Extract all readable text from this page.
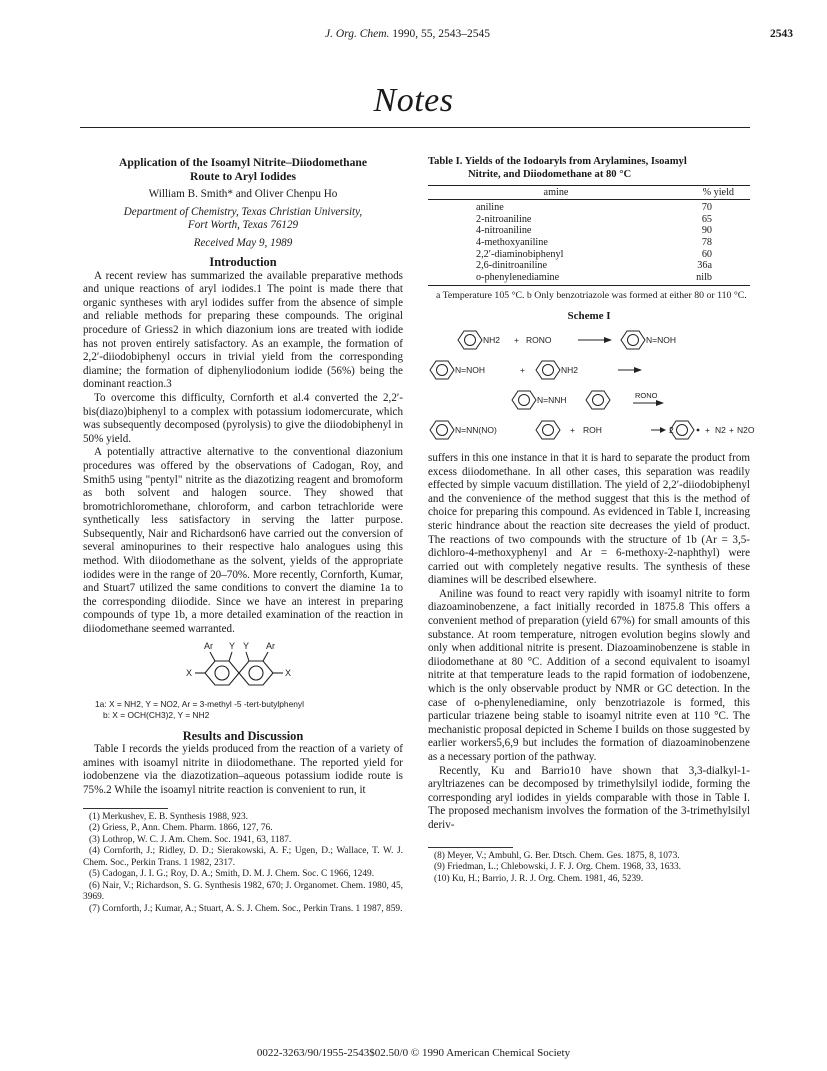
J. Org. Chem. 1990, 55, 2543–2545	2543
Notes
Application of the Isoamyl Nitrite–Diiodomethane
Route to Aryl Iodides
William B. Smith* and Oliver Chenpu Ho
Department of Chemistry, Texas Christian University,
Fort Worth, Texas 76129
Received May 9, 1989
Introduction

A recent review has summarized the available preparative methods and unique reactions of aryl iodides.1 The point is made there that organic syntheses with aryl iodides suffer from the absence of simple and reliable methods for preparing these compounds. The original procedure of Griess2 in which diazonium ions are treated with iodide has not proven entirely satisfactory. As an example, the formation of 2,2′-diiodobiphenyl occurs in trivial yield from the corresponding diamine; the formation of diphenyliodonium iodide (56%) being the dominant reaction.3

To overcome this difficulty, Cornforth et al.4 converted the 2,2′-bis(diazo)biphenyl to a complex with potassium iodomercurate, which was subsequently decomposed (pyrolysis) to give the diiodobiphenyl in 50% yield.

A potentially attractive alternative to the conventional diazonium procedures was offered by the observations of Cadogan, Roy, and Smith5 using "pentyl" nitrite as the diazotizing reagent and bromoform as both solvent and halogen source. They showed that bromotrichloromethane, chloroform, and carbon tetrachloride were synthetically less satisfactory in serving the latter purpose. Subsequently, Nair and Richardson6 have carried out the conversion of several aminopurines to their respective halo analogues using this method. With diiodomethane as the solvent, yields of the appropriate iodides were in the range of 20–70%. More recently, Cornforth, Kumar, and Stuart7 utilized the same conditions to convert the diamine 1a to the corresponding diiodide. Since we have an interest in preparing compounds of type 1b, a more detailed examination of the reaction in diiodomethane seemed warranted.

Ar Y Y Ar
X	X
1a: X = NH2, Y = NO2, Ar = 3-methyl -5 -tert-butylphenyl
b: X = OCH(CH3)2, Y = NH2
Results and Discussion

Table I records the yields produced from the reaction of a variety of amines with isoamyl nitrite in diiodomethane. The reported yield for iodobenzene via the diazotization–aqueous potassium iodide route is 75%.2 While the isoamyl nitrite reaction is convenient to run, it

(1) Merkushev, E. B. Synthesis 1988, 923.
(2) Griess, P., Ann. Chem. Pharm. 1866, 127, 76.
(3) Lothrop, W. C. J. Am. Chem. Soc. 1941, 63, 1187.
(4) Cornforth, J.; Ridley, D. D.; Sierakowski, A. F.; Ugen, D.; Wallace, T. W. J. Chem. Soc., Perkin Trans. 1 1982, 2317.
(5) Cadogan, J. I. G.; Roy, D. A.; Smith, D. M. J. Chem. Soc. C 1966, 1249.
(6) Nair, V.; Richardson, S. G. Synthesis 1982, 670; J. Organomet. Chem. 1980, 45, 3969.
(7) Cornforth, J.; Kumar, A.; Stuart, A. S. J. Chem. Soc., Perkin Trans. 1 1987, 859.
Table I. Yields of the Iodoaryls from Arylamines, Isoamyl
Nitrite, and Diiodomethane at 80 °C
amine	% yield
aniline	70
2-nitroaniline	65
4-nitroaniline	90
4-methoxyaniline	78
2,2′-diaminobiphenyl	60
2,6-dinitroaniline	36a
o-phenylenediamine	nilb
a Temperature 105 °C. b Only benzotriazole was formed at either 80 or 110 °C.
Scheme I
NH2 + RONO	N=NOH
N=NOH	+	NH2
N=NNH	RONO
N=NN(NO)	+ ROH	2	+ N2 + N2O

suffers in this one instance in that it is hard to separate the product from excess diiodomethane. In all other cases, this separation was readily effected by simple vacuum distillation. The yield of 2,2′-diiodobiphenyl and the convenience of the method suggest that this is the method of choice for preparing this compound. As evidenced in Table I, increasing steric hindrance about the reaction site decreases the yield of product. The reactions of two compounds with the structure of 1b (Ar = 3,5-dichloro-4-methoxyphenyl and Ar = 6-methoxy-2-naphthyl) were carried out with completely negative results. The synthesis of these diamines will be described elsewhere.

Aniline was found to react very rapidly with isoamyl nitrite to form diazoaminobenzene, a fact initially recorded in 1875.8 This offers a convenient method of preparation (yield 67%) for small amounts of this substance. At room temperature, nitrogen evolution begins slowly and only when additional nitrite is present. Diazoaminobenzene is stable in diiodomethane at 80 °C. Addition of a second equivalent to isoamyl nitrite at that temperature leads to the rapid formation of iodobenzene, which is the only observable product by NMR or GC detection. In the case of o-phenylenediamine, only benzotriazole is formed, this particular triazene being stable to isoamyl nitrite even at 110 °C. The mechanistic proposal depicted in Scheme I builds on those suggested by earlier workers5,6,9 but includes the formation of diazoaminobenzene as a necessary portion of the pathway.

Recently, Ku and Barrio10 have shown that 3,3-dialkyl-1-aryltriazenes can be decomposed by trimethylsilyl iodide, forming the corresponding aryl iodides in yields comparable with those in Table I. The proposed mechanism involves the formation of the 3-trimethylsilyl deriv-

(8) Meyer, V.; Ambuhl, G. Ber. Dtsch. Chem. Ges. 1875, 8, 1073.
(9) Friedman, L.; Chlebowski, J. F. J. Org. Chem. 1968, 33, 1633.
(10) Ku, H.; Barrio, J. R. J. Org. Chem. 1981, 46, 5239.
0022-3263/90/1955-2543$02.50/0 © 1990 American Chemical Society
